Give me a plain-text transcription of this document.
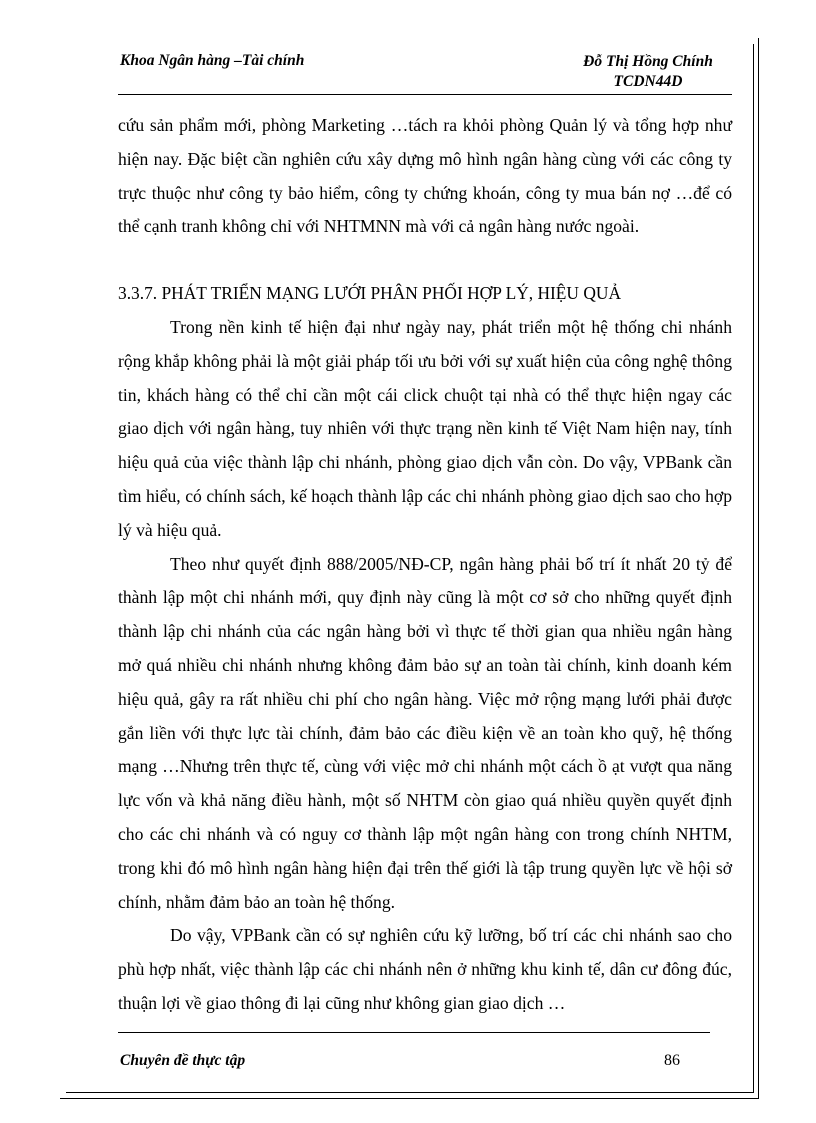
Khoa Ngân hàng –Tài chính	Đỗ Thị Hồng Chính
TCDN44D

cứu sản phẩm mới, phòng Marketing …tách ra khỏi phòng Quản lý và tổng hợp như hiện nay. Đặc biệt cần nghiên cứu xây dựng mô hình ngân hàng cùng với các công ty trực thuộc như công ty bảo hiểm, công ty chứng khoán, công ty mua bán nợ …để có thể cạnh tranh không chỉ với NHTMNN mà với cả ngân hàng nước ngoài.

3.3.7. PHÁT TRIỂN MẠNG LƯỚI PHÂN PHỐI HỢP LÝ, HIỆU QUẢ

Trong nền kinh tế hiện đại như ngày nay, phát triển một hệ thống chi nhánh rộng khắp không phải là một giải pháp tối ưu bởi với sự xuất hiện của công nghệ thông tin, khách hàng có thể chỉ cần một cái click chuột tại nhà có thể thực hiện ngay các giao dịch với ngân hàng, tuy nhiên với thực trạng nền kinh tế Việt Nam hiện nay, tính hiệu quả của việc thành lập chi nhánh, phòng giao dịch vẫn còn. Do vậy, VPBank cần tìm hiểu, có chính sách, kế hoạch thành lập các chi nhánh phòng giao dịch sao cho hợp lý và hiệu quả.

Theo như quyết định 888/2005/NĐ-CP, ngân hàng phải bố trí ít nhất 20 tỷ để thành lập một chi nhánh mới, quy định này cũng là một cơ sở cho những quyết định thành lập chi nhánh của các ngân hàng bởi vì thực tế thời gian qua nhiều ngân hàng mở quá nhiều chi nhánh nhưng không đảm bảo sự an toàn tài chính, kinh doanh kém hiệu quả, gây ra rất nhiều chi phí cho ngân hàng. Việc mở rộng mạng lưới phải được gắn liền với thực lực tài chính, đảm bảo các điều kiện về an toàn kho quỹ, hệ thống mạng …Nhưng trên thực tế, cùng với việc mở chi nhánh một cách ồ ạt vượt qua năng lực vốn và khả năng điều hành, một số NHTM còn giao quá nhiều quyền quyết định cho các chi nhánh và có nguy cơ thành lập một ngân hàng con trong chính NHTM, trong khi đó mô hình ngân hàng hiện đại trên thế giới là tập trung quyền lực về hội sở chính, nhằm đảm bảo an toàn hệ thống.

Do vậy, VPBank cần có sự nghiên cứu kỹ lưỡng, bố trí các chi nhánh sao cho phù hợp nhất, việc thành lập các chi nhánh nên ở những khu kinh tế, dân cư đông đúc, thuận lợi về giao thông đi lại cũng như không gian giao dịch …

Chuyên đề thực tập	86
